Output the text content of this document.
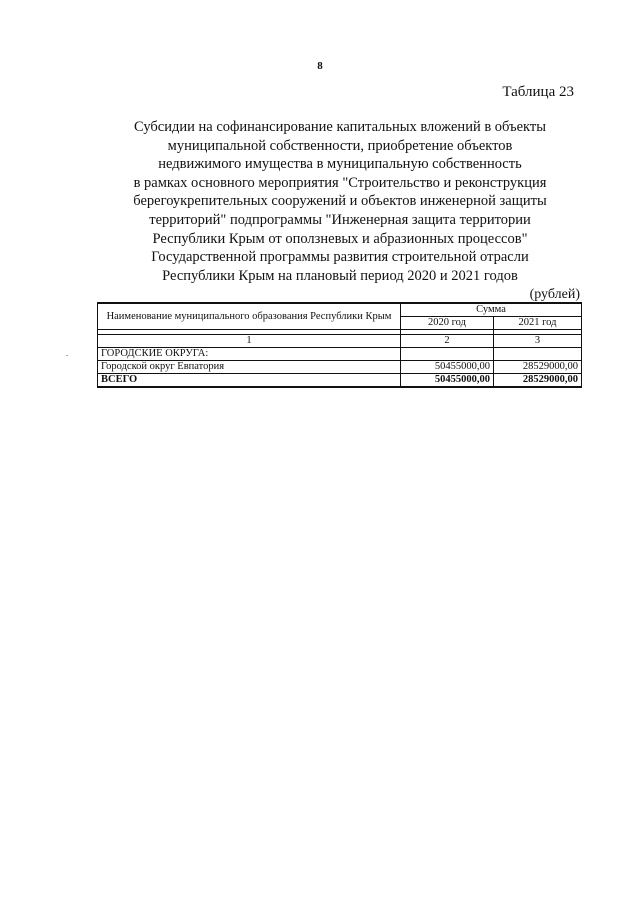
8
Таблица 23
Субсидии на софинансирование капитальных вложений в объекты
муниципальной собственности, приобретение объектов
недвижимого имущества в муниципальную собственность
в рамках основного мероприятия "Строительство и реконструкция
берегоукрепительных сооружений и объектов инженерной защиты
территорий" подпрограммы "Инженерная защита территории
Республики Крым от оползневых и абразионных процессов"
Государственной программы развития строительной отрасли
Республики Крым на плановый период 2020 и 2021 годов
(рублей)
.
Наименование муниципального образования Республики Крым	Сумма	
	2020 год	2021 год

1	2	3
ГОРОДСКИЕ ОКРУГА:		
Городской округ Евпатория	50455000,00	28529000,00
ВСЕГО	50455000,00	28529000,00
